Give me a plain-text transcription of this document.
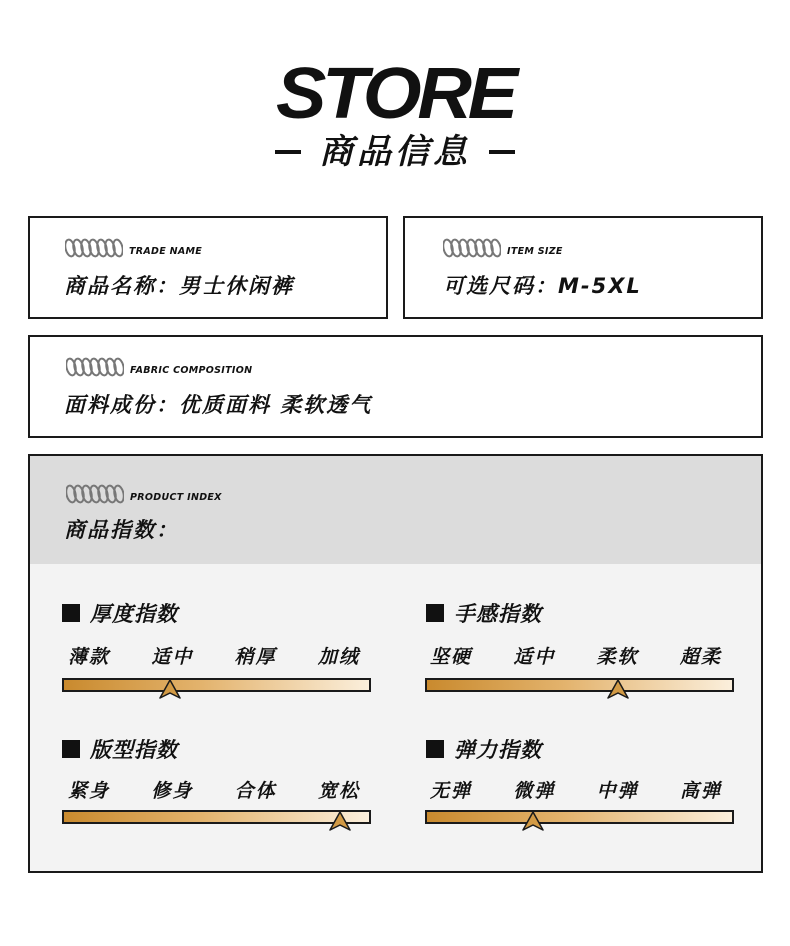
STORE
商品信息
TRADE NAME
商品名称：男士休闲裤
ITEM SIZE
可选尺码：M-5XL
FABRIC COMPOSITION
面料成份：优质面料 柔软透气
PRODUCT INDEX
商品指数：
厚度指数
薄款 适中 稍厚 加绒
手感指数
坚硬 适中 柔软 超柔
版型指数
紧身 修身 合体 宽松
弹力指数
无弹 微弹 中弹 高弹
